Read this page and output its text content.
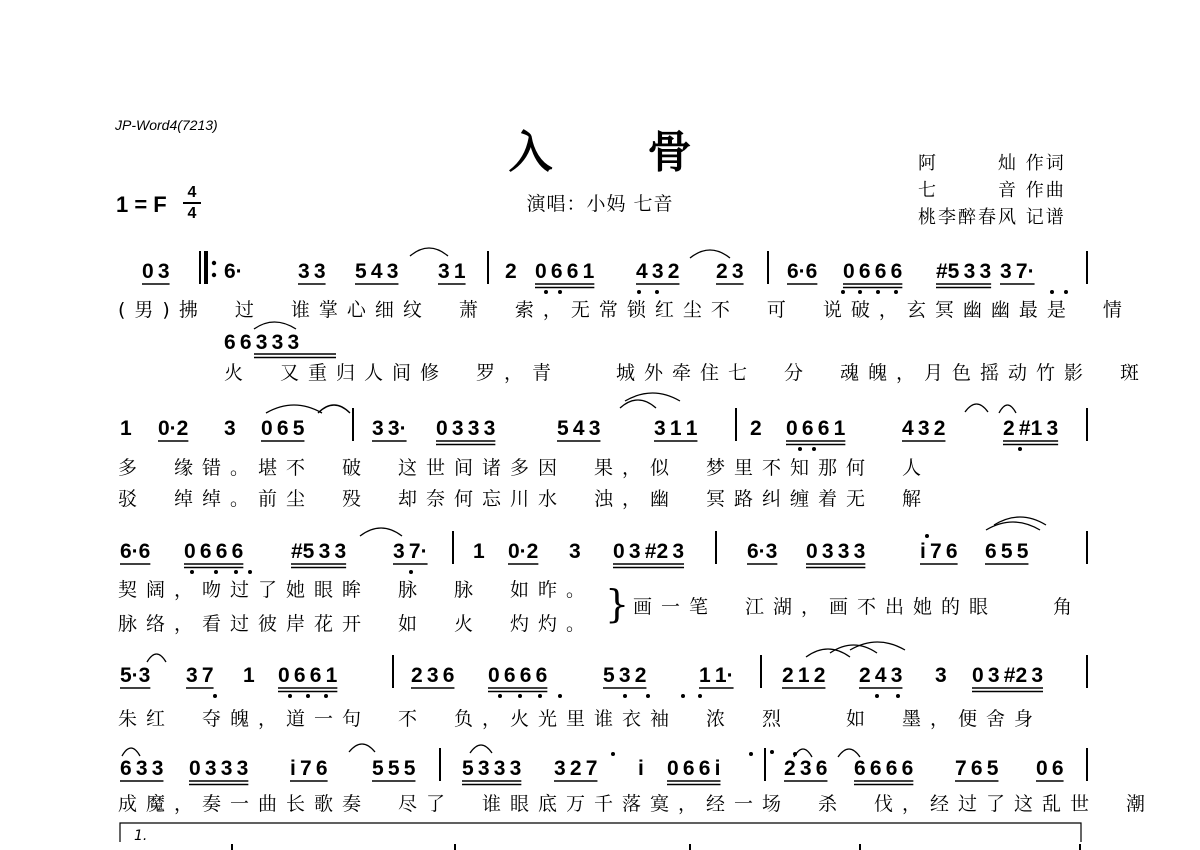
JP-Word4(7213)
入骨
演唱：小妈 七音
1 = F 4
4
阿　　　灿 作词
七　　　音 作曲
桃李醉春风 记谱
0 3	6·	3 3 5 4 3 3 1 2 0 6 6 1 4 3 2 2 3 6·6 0 6 6 6 #5 3 3 3 7·
(男)拂　过　谁掌心细纹　萧　索，无常锁红尘不　可　说破，玄冥幽幽最是　情
6 6 3 3 3
火　又重归人间修　罗，青　　城外牵住七　分　魂魄，月色摇动竹影　斑
1 0·2 3 0 6 5	3 3· 0 3 3 3	5 4 3	3 1 1	2 0 6 6 1	4 3 2	2 #1 3
多　缘错。堪不　破　这世间诸多因　果，似　梦里不知那何　人
驳　绰绰。前尘　殁　却奈何忘川水　浊，幽　冥路纠缠着无　解
6·6 0 6 6 6 #5 3 3 3 7· 1 0·2 3 0 3 #2 3	6·3 0 3 3 3	i 7 6 6 5 5
契阔，吻过了她眼眸　脉　脉　如昨。
脉络，看过彼岸花开　如　火　灼灼。 } 画一笔　江湖，画不出她的眼　　角
5·3 3 7 1 0 6 6 1	2 3 6 0 6 6 6	5 3 2	1 1· 2 1 2 2 4 3 3 0 3 #2 3
朱红　夺魄，道一句　不　负，火光里谁衣袖　浓　烈　　如　墨，便舍身
6 3 3 0 3 3 3 i 7 6 5 5 5 5 3 3 3 3 2 7 i 0 6 6 i	2 3 6 6 6 6 6 7 6 5 0 6
成魔，奏一曲长歌奏　尽了　谁眼底万千落寞，经一场　杀　伐，经过了这乱世　潮
1.
